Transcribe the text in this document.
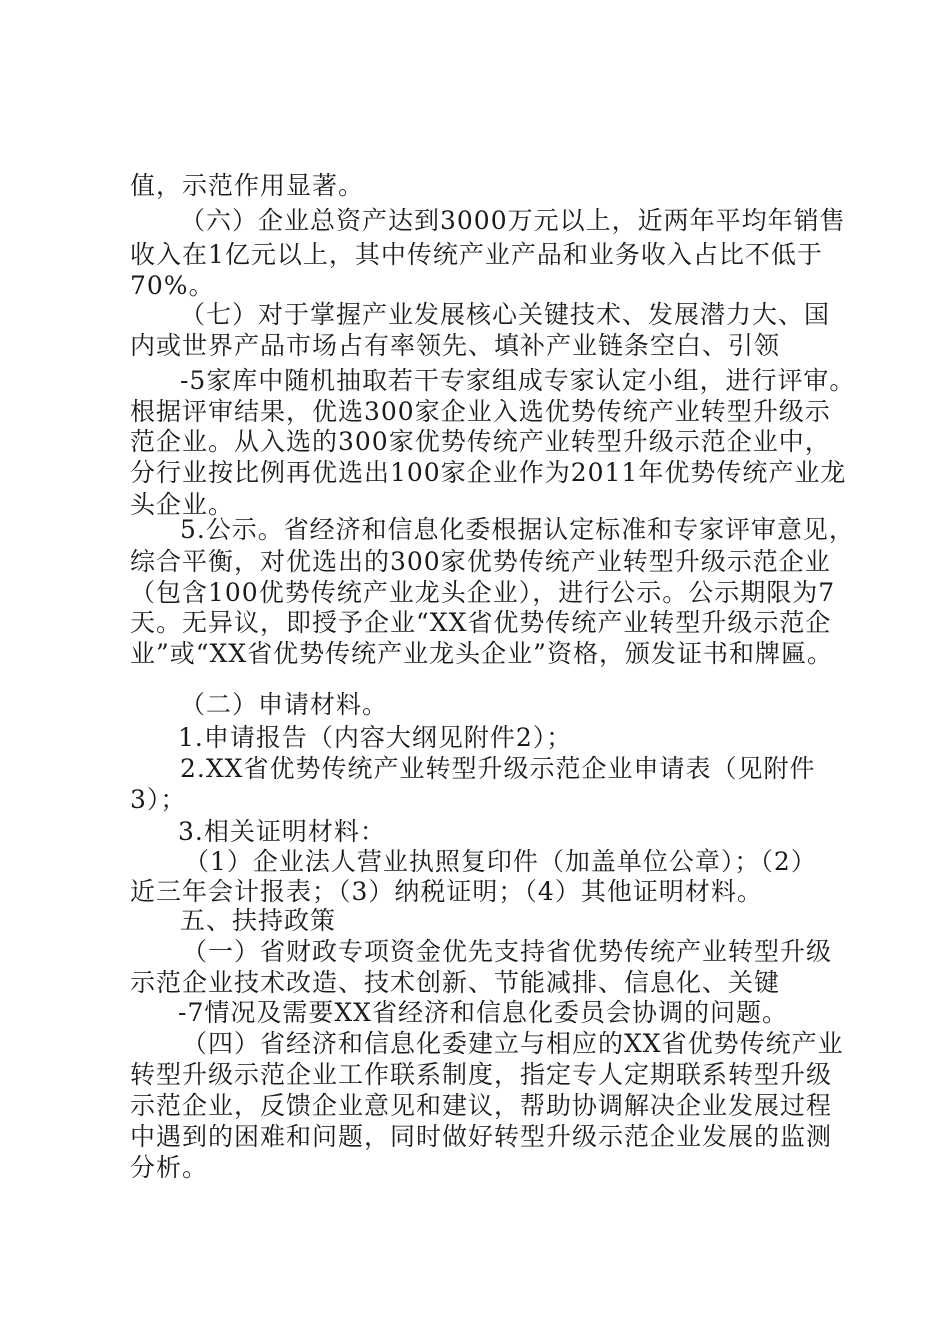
值，示范作用显著。

（六）企业总资产达到3000万元以上，近两年平均年销售

收入在1亿元以上，其中传统产业产品和业务收入占比不低于

70%。

（七）对于掌握产业发展核心关键技术、发展潜力大、国

内或世界产品市场占有率领先、填补产业链条空白、引领

-5家库中随机抽取若干专家组成专家认定小组，进行评审。

根据评审结果，优选300家企业入选优势传统产业转型升级示

范企业。从入选的300家优势传统产业转型升级示范企业中，

分行业按比例再优选出100家企业作为2011年优势传统产业龙

头企业。

5.公示。省经济和信息化委根据认定标准和专家评审意见，

综合平衡，对优选出的300家优势传统产业转型升级示范企业

（包含100优势传统产业龙头企业），进行公示。公示期限为7

天。无异议，即授予企业“XX省优势传统产业转型升级示范企

业”或“XX省优势传统产业龙头企业”资格，颁发证书和牌匾。

（二）申请材料。

1.申请报告（内容大纲见附件2）；

2.XX省优势传统产业转型升级示范企业申请表（见附件

3）；

3.相关证明材料：

（1）企业法人营业执照复印件（加盖单位公章）；（2）

近三年会计报表；（3）纳税证明；（4）其他证明材料。

五、扶持政策

（一）省财政专项资金优先支持省优势传统产业转型升级

示范企业技术改造、技术创新、节能减排、信息化、关键

-7情况及需要XX省经济和信息化委员会协调的问题。

（四）省经济和信息化委建立与相应的XX省优势传统产业

转型升级示范企业工作联系制度，指定专人定期联系转型升级

示范企业，反馈企业意见和建议，帮助协调解决企业发展过程

中遇到的困难和问题，同时做好转型升级示范企业发展的监测

分析。
